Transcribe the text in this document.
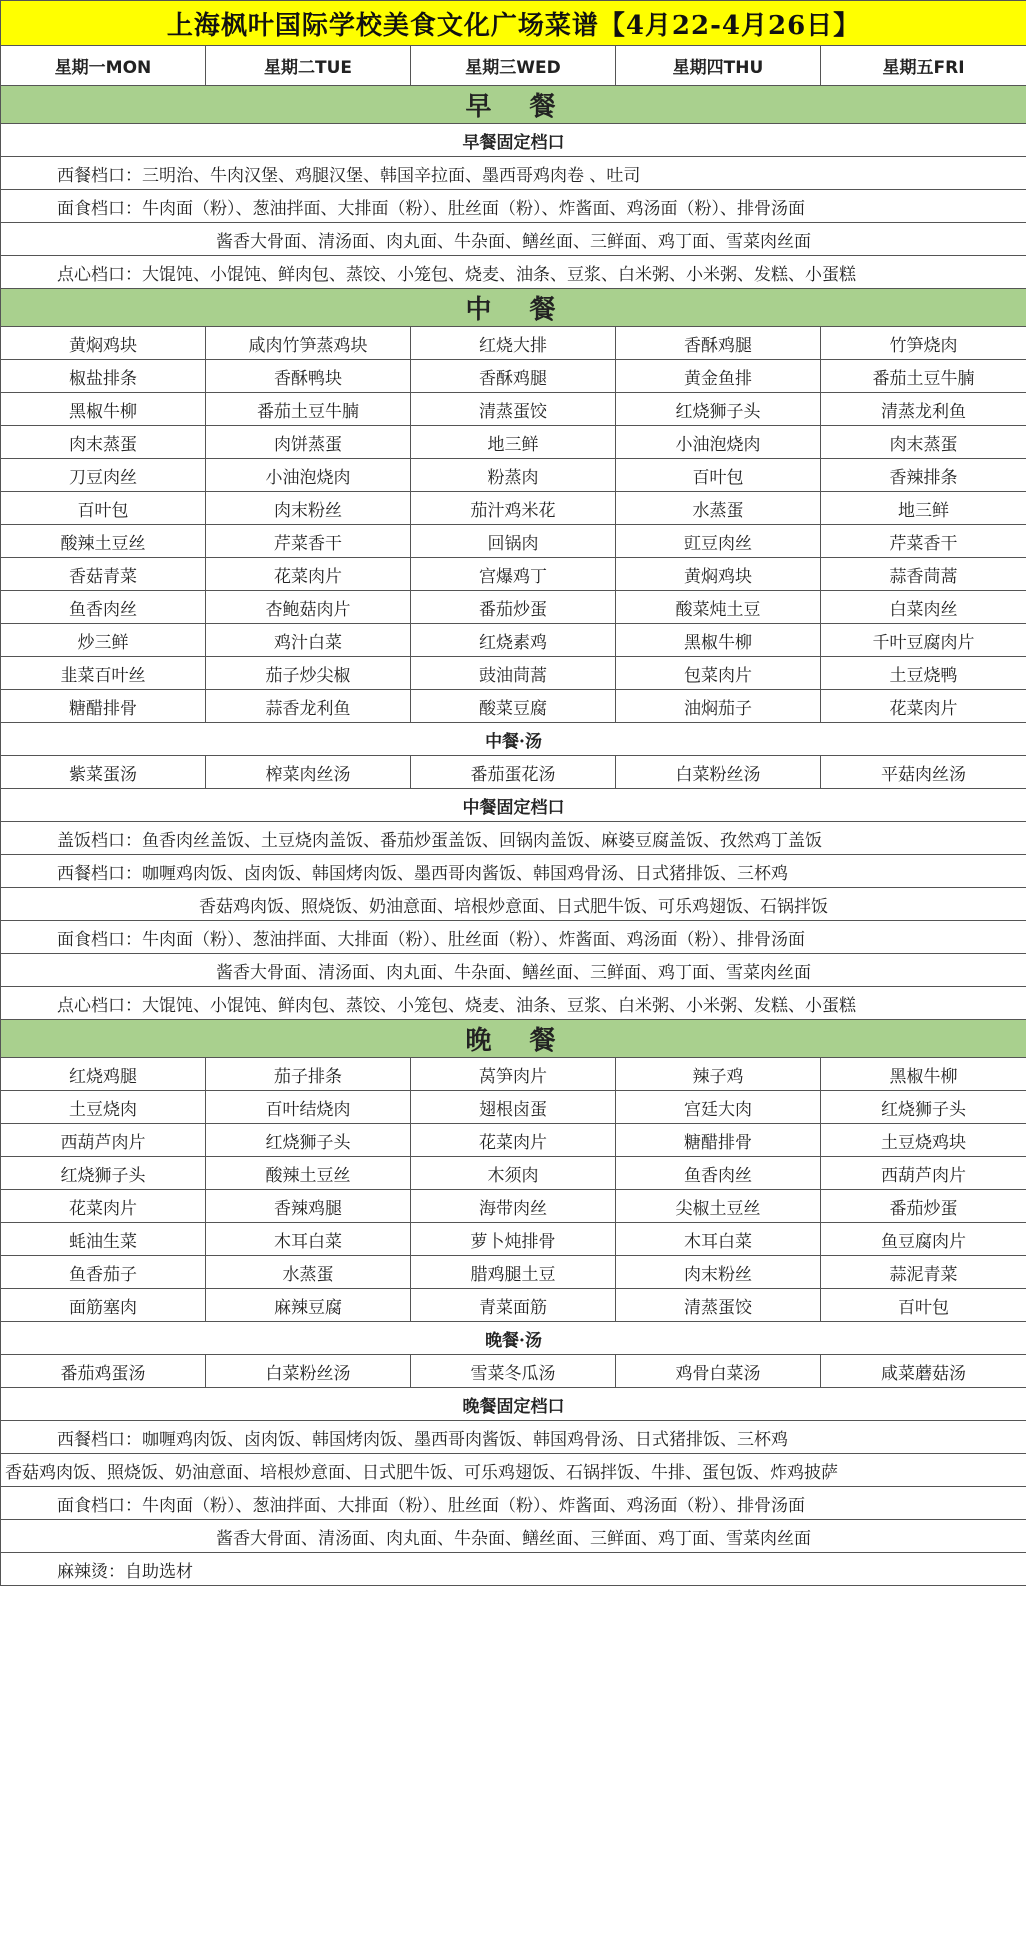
上海枫叶国际学校美食文化广场菜谱【4月22-4月26日】				
星期一MON	星期二TUE	星期三WED	星期四THU	星期五FRI
早　餐				
早餐固定档口				
西餐档口：三明治、牛肉汉堡、鸡腿汉堡、韩国辛拉面、墨西哥鸡肉卷 、吐司				
面食档口：牛肉面（粉）、葱油拌面、大排面（粉）、肚丝面（粉）、炸酱面、鸡汤面（粉）、排骨汤面				
酱香大骨面、清汤面、肉丸面、牛杂面、鳝丝面、三鲜面、鸡丁面、雪菜肉丝面				
点心档口：大馄饨、小馄饨、鲜肉包、蒸饺、小笼包、烧麦、油条、豆浆、白米粥、小米粥、发糕、小蛋糕				
中　餐				
黄焖鸡块	咸肉竹笋蒸鸡块	红烧大排	香酥鸡腿	竹笋烧肉
椒盐排条	香酥鸭块	香酥鸡腿	黄金鱼排	番茄土豆牛腩
黑椒牛柳	番茄土豆牛腩	清蒸蛋饺	红烧狮子头	清蒸龙利鱼
肉末蒸蛋	肉饼蒸蛋	地三鲜	小油泡烧肉	肉末蒸蛋
刀豆肉丝	小油泡烧肉	粉蒸肉	百叶包	香辣排条
百叶包	肉末粉丝	茄汁鸡米花	水蒸蛋	地三鲜
酸辣土豆丝	芹菜香干	回锅肉	豇豆肉丝	芹菜香干
香菇青菜	花菜肉片	宫爆鸡丁	黄焖鸡块	蒜香茼蒿
鱼香肉丝	杏鲍菇肉片	番茄炒蛋	酸菜炖土豆	白菜肉丝
炒三鲜	鸡汁白菜	红烧素鸡	黑椒牛柳	千叶豆腐肉片
韭菜百叶丝	茄子炒尖椒	豉油茼蒿	包菜肉片	土豆烧鸭
糖醋排骨	蒜香龙利鱼	酸菜豆腐	油焖茄子	花菜肉片
中餐·汤				
紫菜蛋汤	榨菜肉丝汤	番茄蛋花汤	白菜粉丝汤	平菇肉丝汤
中餐固定档口				
盖饭档口：鱼香肉丝盖饭、土豆烧肉盖饭、番茄炒蛋盖饭、回锅肉盖饭、麻婆豆腐盖饭、孜然鸡丁盖饭				
西餐档口：咖喱鸡肉饭、卤肉饭、韩国烤肉饭、墨西哥肉酱饭、韩国鸡骨汤、日式猪排饭、三杯鸡				
香菇鸡肉饭、照烧饭、奶油意面、培根炒意面、日式肥牛饭、可乐鸡翅饭、石锅拌饭				
面食档口：牛肉面（粉）、葱油拌面、大排面（粉）、肚丝面（粉）、炸酱面、鸡汤面（粉）、排骨汤面				
酱香大骨面、清汤面、肉丸面、牛杂面、鳝丝面、三鲜面、鸡丁面、雪菜肉丝面				
点心档口：大馄饨、小馄饨、鲜肉包、蒸饺、小笼包、烧麦、油条、豆浆、白米粥、小米粥、发糕、小蛋糕				
晚　餐				
红烧鸡腿	茄子排条	莴笋肉片	辣子鸡	黑椒牛柳
土豆烧肉	百叶结烧肉	翅根卤蛋	宫廷大肉	红烧狮子头
西葫芦肉片	红烧狮子头	花菜肉片	糖醋排骨	土豆烧鸡块
红烧狮子头	酸辣土豆丝	木须肉	鱼香肉丝	西葫芦肉片
花菜肉片	香辣鸡腿	海带肉丝	尖椒土豆丝	番茄炒蛋
蚝油生菜	木耳白菜	萝卜炖排骨	木耳白菜	鱼豆腐肉片
鱼香茄子	水蒸蛋	腊鸡腿土豆	肉末粉丝	蒜泥青菜
面筋塞肉	麻辣豆腐	青菜面筋	清蒸蛋饺	百叶包
晚餐·汤				
番茄鸡蛋汤	白菜粉丝汤	雪菜冬瓜汤	鸡骨白菜汤	咸菜蘑菇汤
晚餐固定档口				
西餐档口：咖喱鸡肉饭、卤肉饭、韩国烤肉饭、墨西哥肉酱饭、韩国鸡骨汤、日式猪排饭、三杯鸡				
香菇鸡肉饭、照烧饭、奶油意面、培根炒意面、日式肥牛饭、可乐鸡翅饭、石锅拌饭、牛排、蛋包饭、炸鸡披萨				
面食档口：牛肉面（粉）、葱油拌面、大排面（粉）、肚丝面（粉）、炸酱面、鸡汤面（粉）、排骨汤面				
酱香大骨面、清汤面、肉丸面、牛杂面、鳝丝面、三鲜面、鸡丁面、雪菜肉丝面				
麻辣烫：自助选材				
